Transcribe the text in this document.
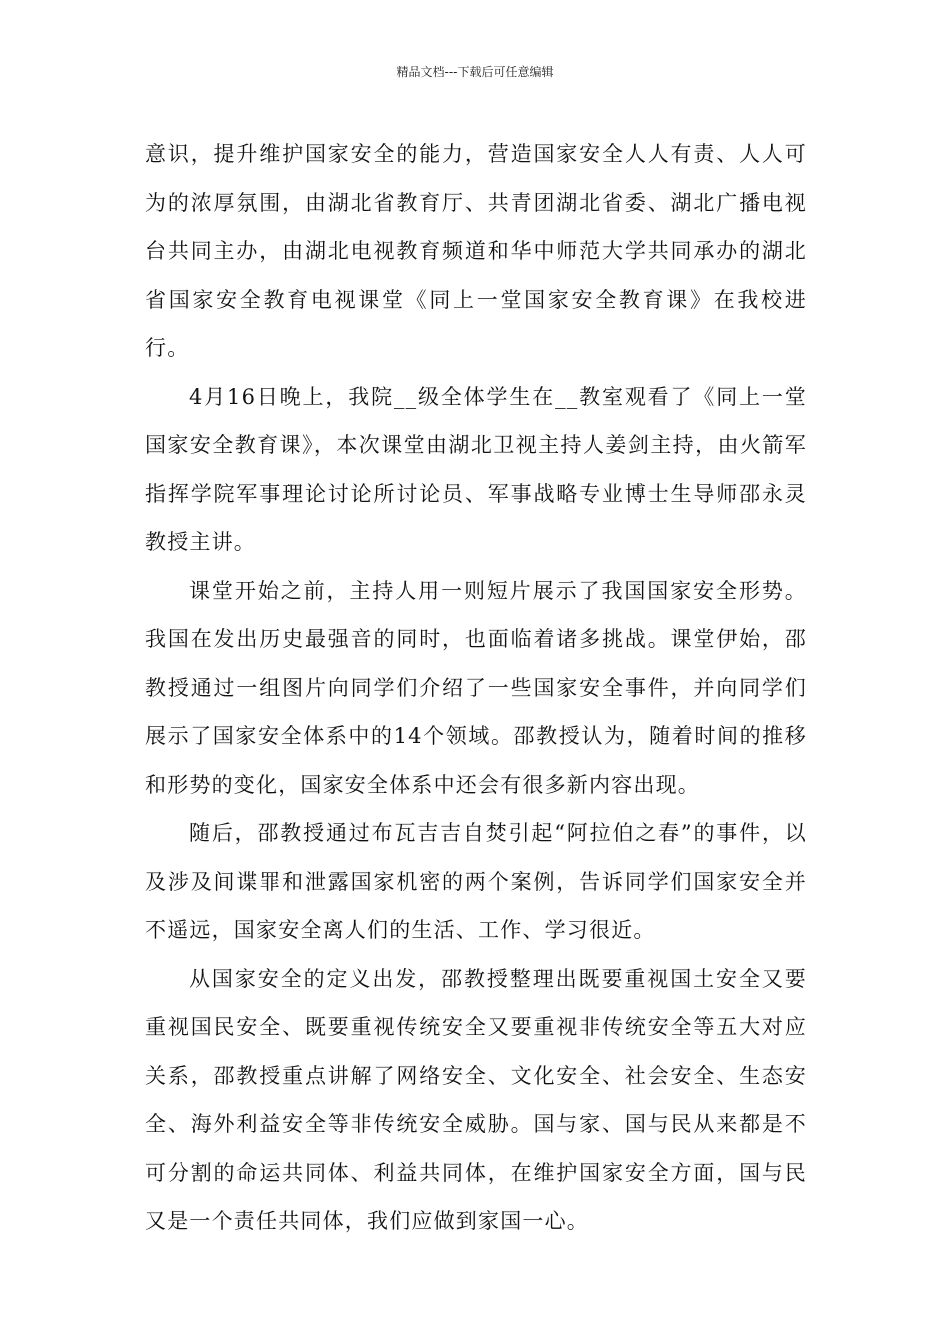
精品文档---下载后可任意编辑

意识，提升维护国家安全的能力，营造国家安全人人有责、人人可为的浓厚氛围，由湖北省教育厅、共青团湖北省委、湖北广播电视台共同主办，由湖北电视教育频道和华中师范大学共同承办的湖北省国家安全教育电视课堂《同上一堂国家安全教育课》在我校进行。

4月16日晚上，我院__级全体学生在__教室观看了《同上一堂国家安全教育课》，本次课堂由湖北卫视主持人姜剑主持，由火箭军指挥学院军事理论讨论所讨论员、军事战略专业博士生导师邵永灵教授主讲。

课堂开始之前，主持人用一则短片展示了我国国家安全形势。我国在发出历史最强音的同时，也面临着诸多挑战。课堂伊始，邵教授通过一组图片向同学们介绍了一些国家安全事件，并向同学们展示了国家安全体系中的14个领域。邵教授认为，随着时间的推移和形势的变化，国家安全体系中还会有很多新内容出现。

随后，邵教授通过布瓦吉吉自焚引起“阿拉伯之春”的事件，以及涉及间谍罪和泄露国家机密的两个案例，告诉同学们国家安全并不遥远，国家安全离人们的生活、工作、学习很近。

从国家安全的定义出发，邵教授整理出既要重视国土安全又要重视国民安全、既要重视传统安全又要重视非传统安全等五大对应关系，邵教授重点讲解了网络安全、文化安全、社会安全、生态安全、海外利益安全等非传统安全威胁。国与家、国与民从来都是不可分割的命运共同体、利益共同体，在维护国家安全方面，国与民又是一个责任共同体，我们应做到家国一心。
